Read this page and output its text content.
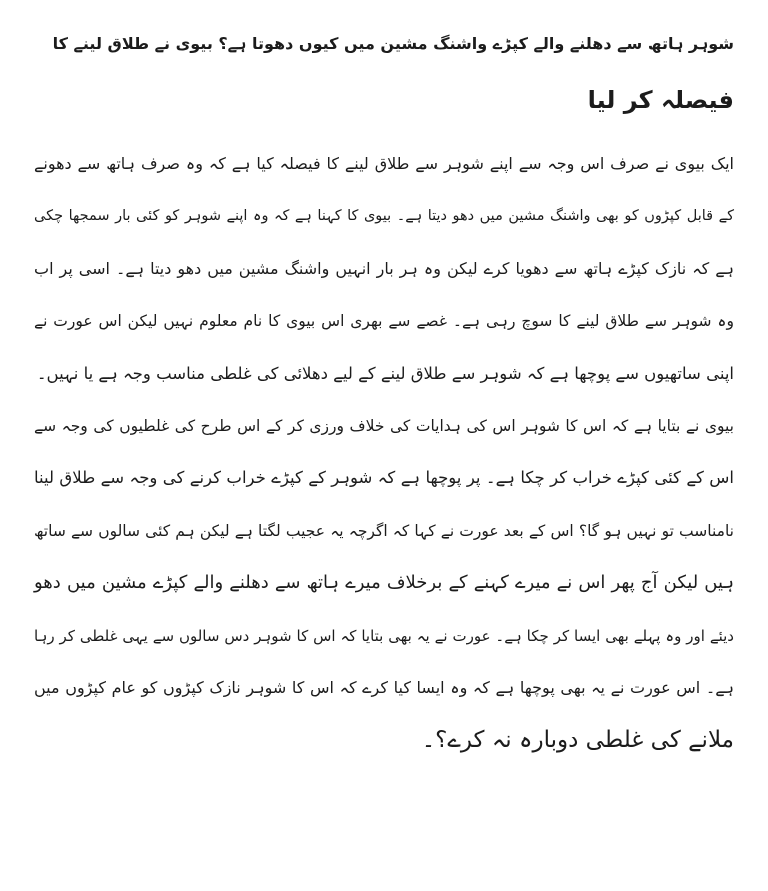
شوہر ہاتھ سے دھلنے والے کپڑے واشنگ مشین میں کیوں دھوتا ہے؟ بیوی نے طلاق لینے کا
فیصلہ کر لیا
ایک بیوی نے صرف اس وجہ سے اپنے شوہر سے طلاق لینے کا فیصلہ کیا ہے کہ وہ صرف ہاتھ سے دھونے
کے قابل کپڑوں کو بھی واشنگ مشین میں دھو دیتا ہے۔ بیوی کا کہنا ہے کہ وہ اپنے شوہر کو کئی بار سمجھا چکی
ہے کہ نازک کپڑے ہاتھ سے دھویا کرے لیکن وہ ہر بار انہیں واشنگ مشین میں دھو دیتا ہے۔ اسی پر اب
وہ شوہر سے طلاق لینے کا سوچ رہی ہے۔ غصے سے بھری اس بیوی کا نام معلوم نہیں لیکن اس عورت نے
اپنی ساتھیوں سے پوچھا ہے کہ شوہر سے طلاق لینے کے لیے دھلائی کی غلطی مناسب وجہ ہے یا نہیں۔
بیوی نے بتایا ہے کہ اس کا شوہر اس کی ہدایات کی خلاف ورزی کر کے اس طرح کی غلطیوں کی وجہ سے
اس کے کئی کپڑے خراب کر چکا ہے۔ پر پوچھا ہے کہ شوہر کے کپڑے خراب کرنے کی وجہ سے طلاق لینا
نامناسب تو نہیں ہو گا؟ اس کے بعد عورت نے کہا کہ اگرچہ یہ عجیب لگتا ہے لیکن ہم کئی سالوں سے ساتھ
ہیں لیکن آج پھر اس نے میرے کہنے کے برخلاف میرے ہاتھ سے دھلنے والے کپڑے مشین میں دھو
دیئے اور وہ پہلے بھی ایسا کر چکا ہے۔ عورت نے یہ بھی بتایا کہ اس کا شوہر دس سالوں سے یہی غلطی کر رہا
ہے۔ اس عورت نے یہ بھی پوچھا ہے کہ وہ ایسا کیا کرے کہ اس کا شوہر نازک کپڑوں کو عام کپڑوں میں
ملانے کی غلطی دوبارہ نہ کرے؟۔
